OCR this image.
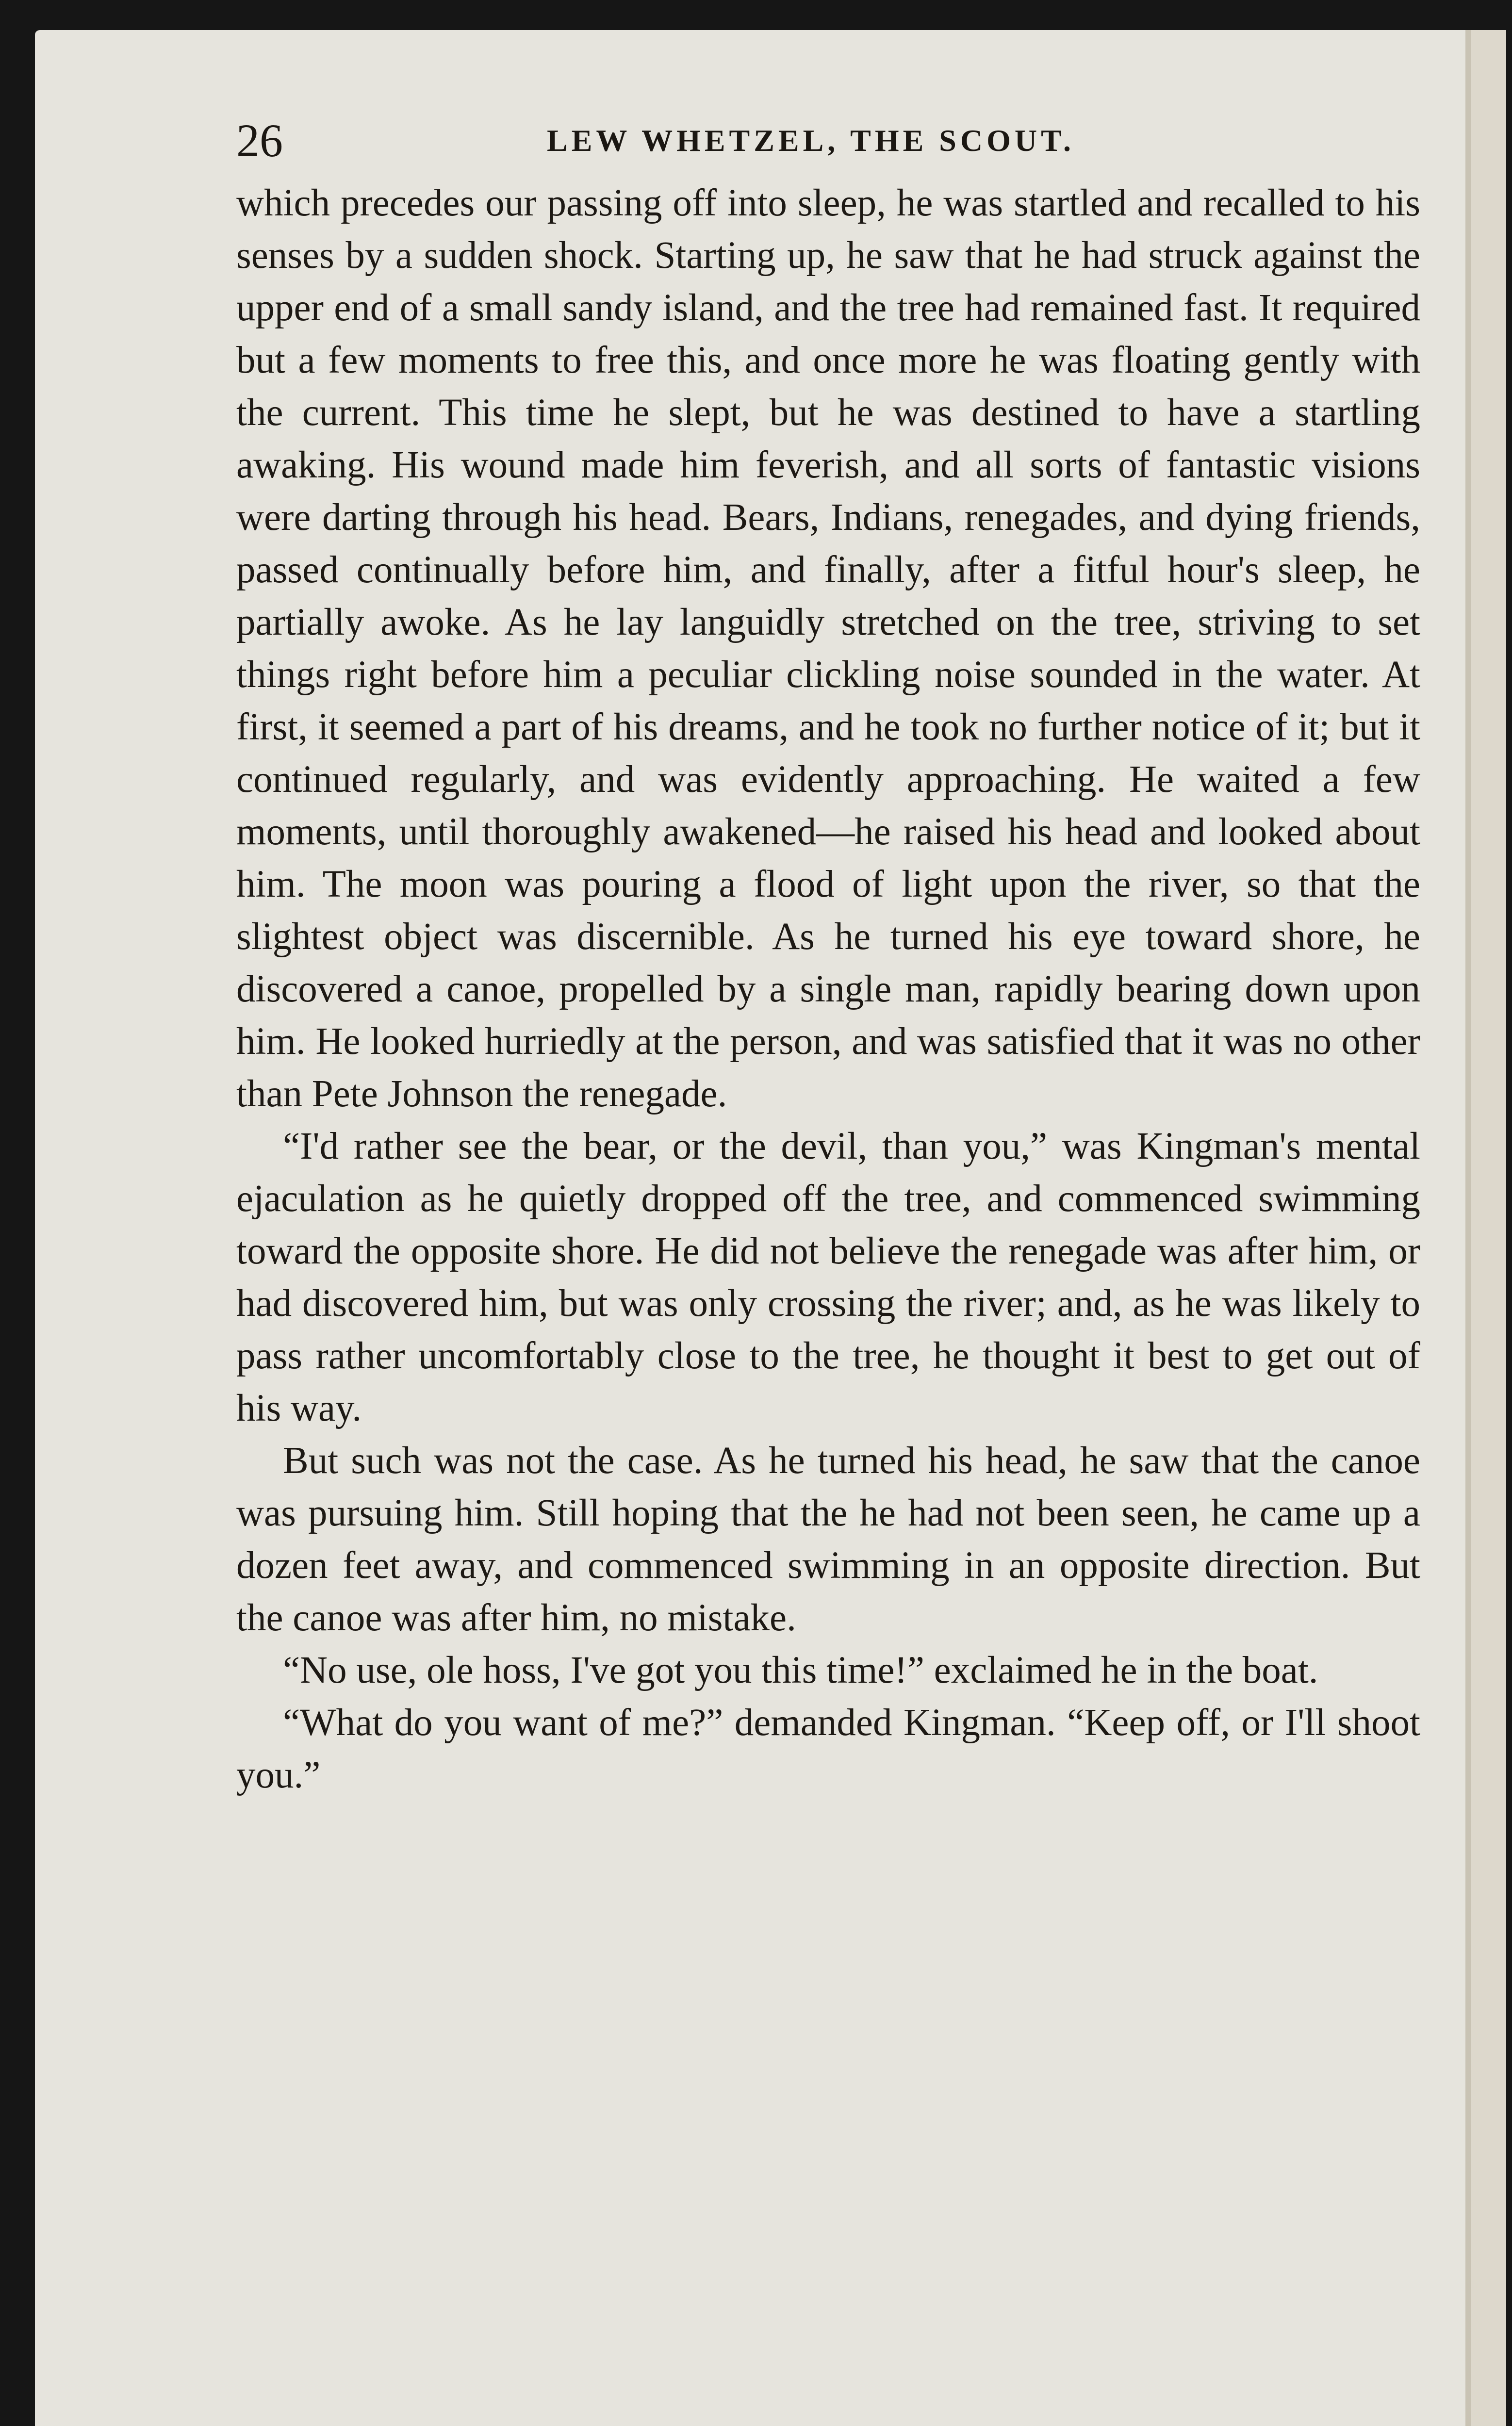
26	LEW WHETZEL, THE SCOUT.

which precedes our passing off into sleep, he was startled and recalled to his senses by a sudden shock. Starting up, he saw that he had struck against the upper end of a small sandy island, and the tree had remained fast. It required but a few moments to free this, and once more he was floating gently with the current. This time he slept, but he was destined to have a startling awaking. His wound made him feverish, and all sorts of fantastic visions were darting through his head. Bears, Indians, renegades, and dying friends, passed continually before him, and finally, after a fitful hour's sleep, he partially awoke. As he lay languidly stretched on the tree, striving to set things right before him a peculiar clickling noise sounded in the water. At first, it seemed a part of his dreams, and he took no further notice of it; but it continued regularly, and was evidently approaching. He waited a few moments, until thoroughly awakened—he raised his head and looked about him. The moon was pouring a flood of light upon the river, so that the slightest object was discernible. As he turned his eye toward shore, he discovered a canoe, propelled by a single man, rapidly bearing down upon him. He looked hurriedly at the person, and was satisfied that it was no other than Pete Johnson the renegade.

“I'd rather see the bear, or the devil, than you,” was Kingman's mental ejaculation as he quietly dropped off the tree, and commenced swimming toward the opposite shore. He did not believe the renegade was after him, or had discovered him, but was only crossing the river; and, as he was likely to pass rather uncomfortably close to the tree, he thought it best to get out of his way.

But such was not the case. As he turned his head, he saw that the canoe was pursuing him. Still hoping that the he had not been seen, he came up a dozen feet away, and commenced swimming in an opposite direction. But the canoe was after him, no mistake.

“No use, ole hoss, I've got you this time!” exclaimed he in the boat.

“What do you want of me?” demanded Kingman. “Keep off, or I'll shoot you.”
